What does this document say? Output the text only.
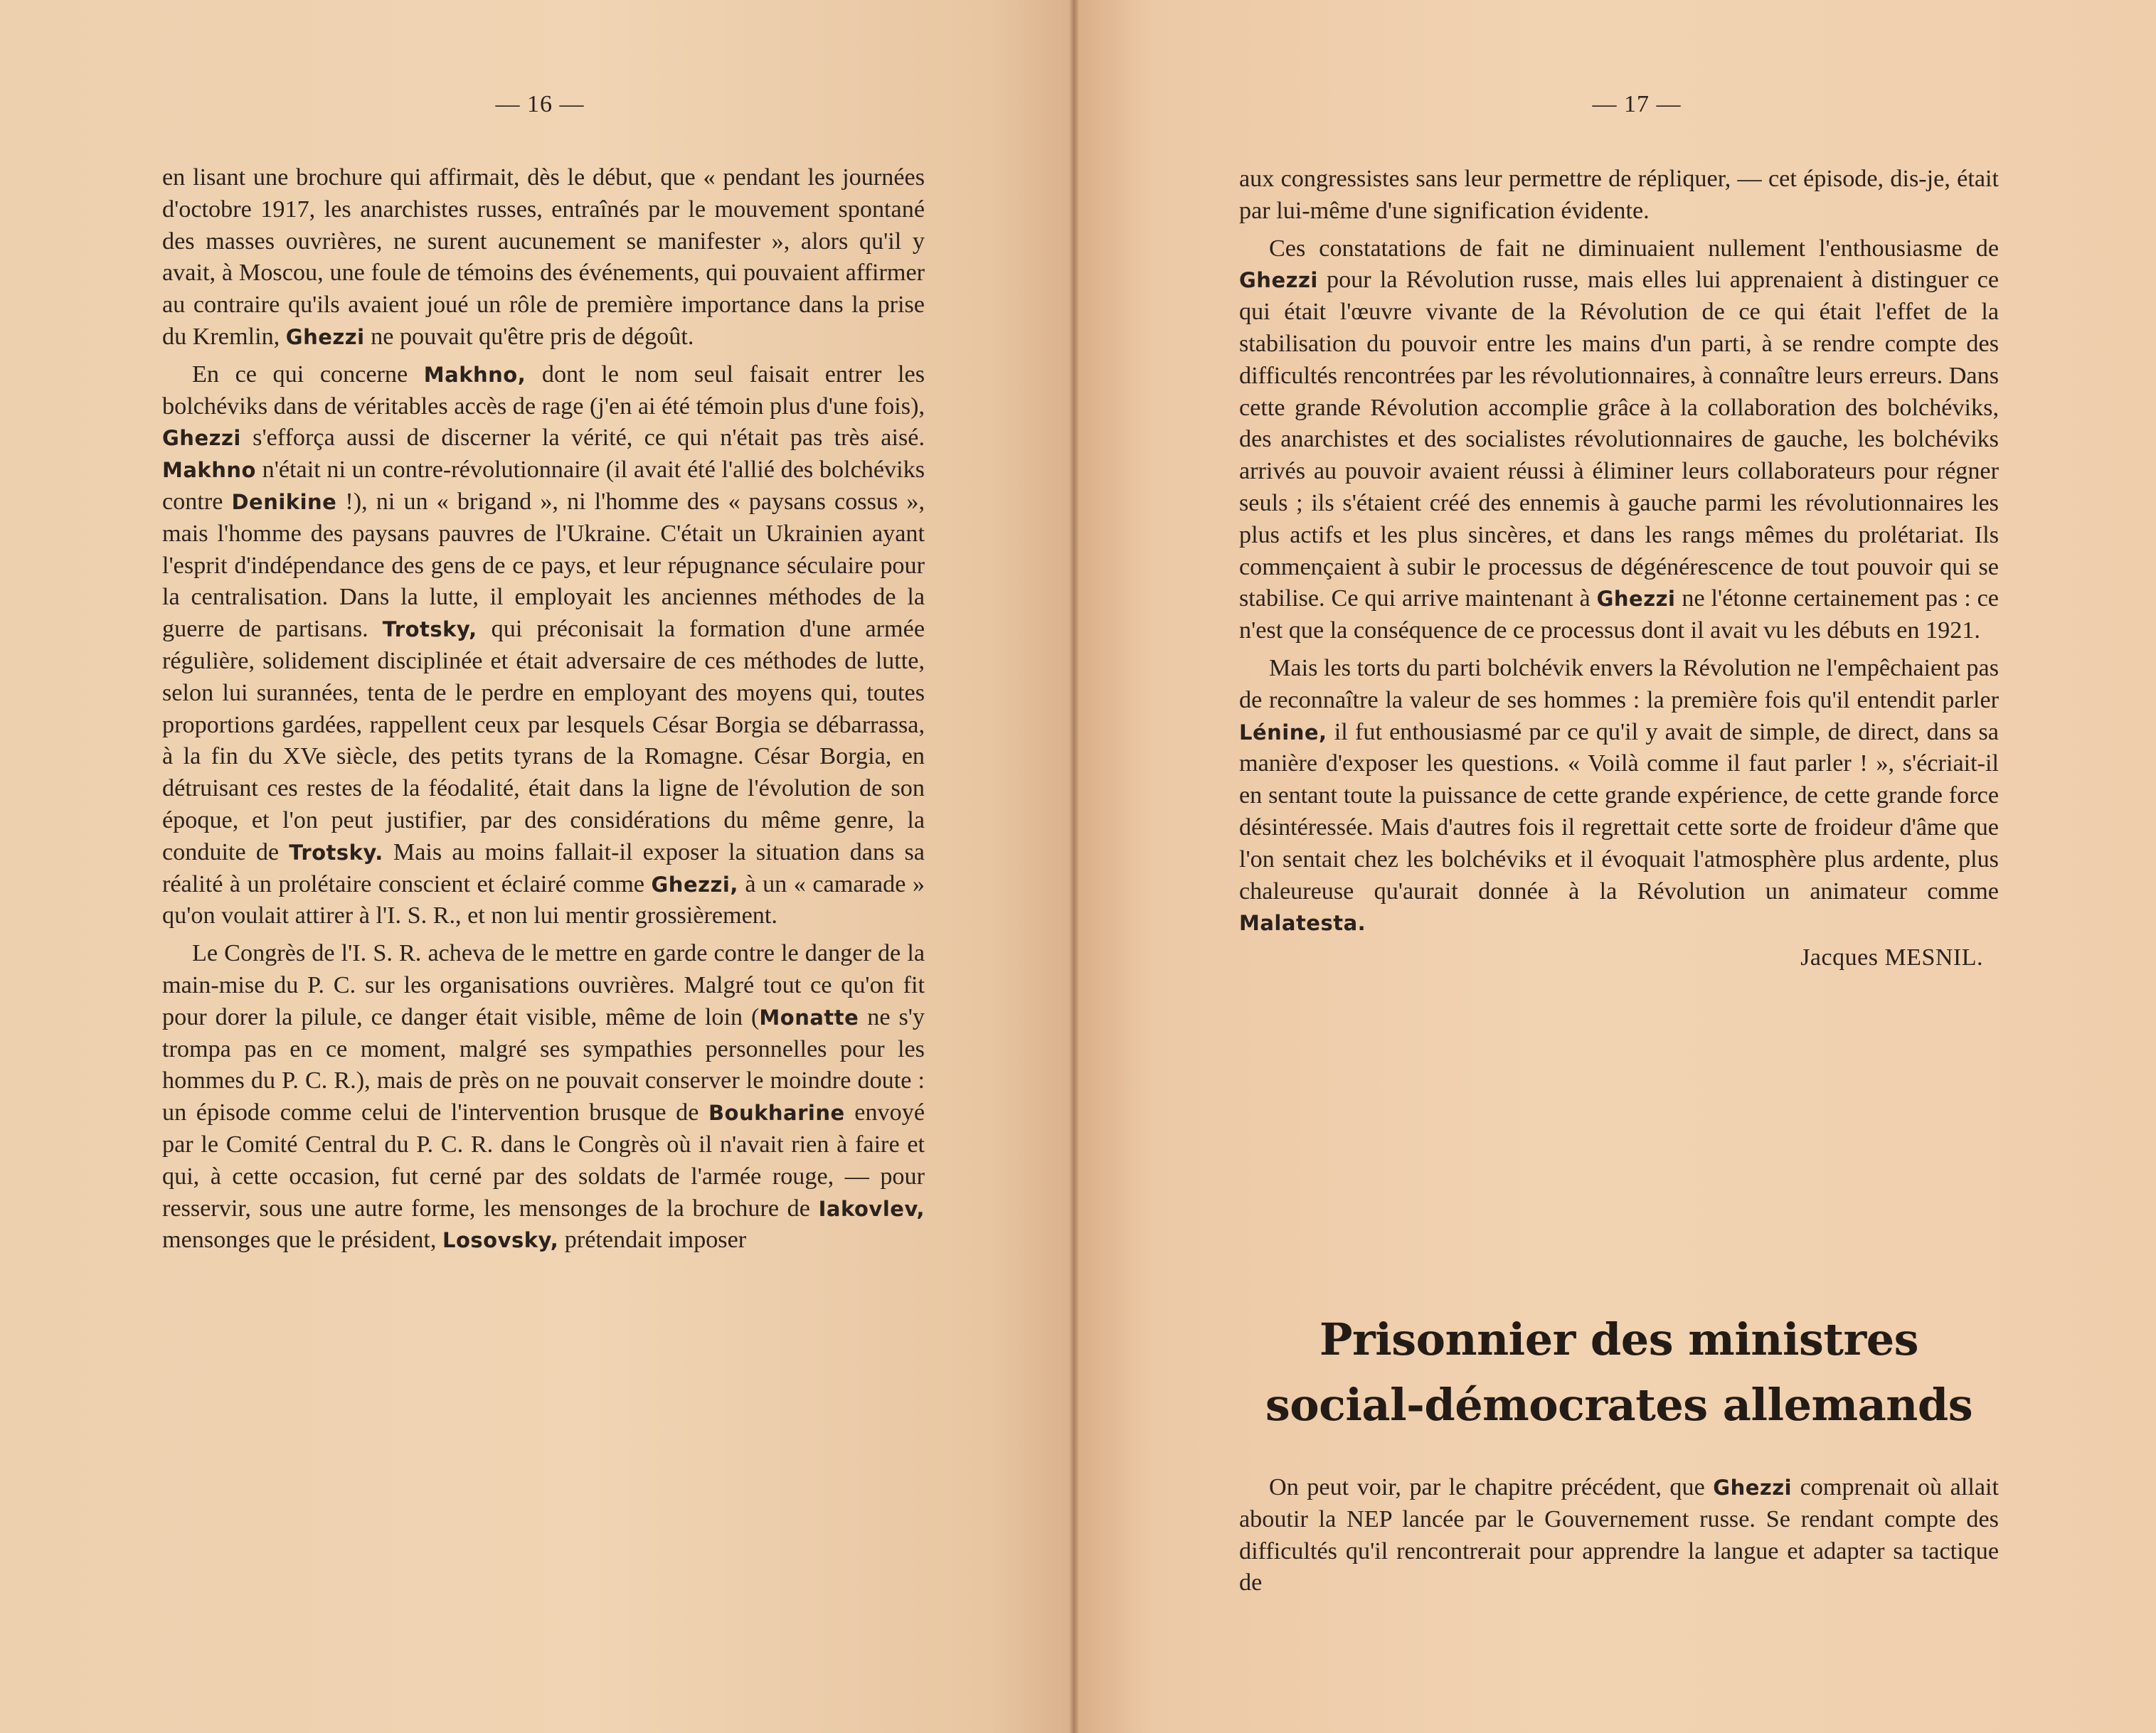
— 16 —

en lisant une brochure qui affirmait, dès le début, que « pendant les journées d'octobre 1917, les anarchistes russes, entraînés par le mouvement spontané des masses ouvrières, ne surent aucunement se manifester », alors qu'il y avait, à Moscou, une foule de témoins des événements, qui pouvaient affirmer au contraire qu'ils avaient joué un rôle de première importance dans la prise du Kremlin, Ghezzi ne pouvait qu'être pris de dégoût.

En ce qui concerne Makhno, dont le nom seul faisait entrer les bolchéviks dans de véritables accès de rage (j'en ai été témoin plus d'une fois), Ghezzi s'efforça aussi de discerner la vérité, ce qui n'était pas très aisé. Makhno n'était ni un contre-révolutionnaire (il avait été l'allié des bolchéviks contre Denikine !), ni un « brigand », ni l'homme des « paysans cossus », mais l'homme des paysans pauvres de l'Ukraine. C'était un Ukrainien ayant l'esprit d'indépendance des gens de ce pays, et leur répugnance séculaire pour la centralisation. Dans la lutte, il employait les anciennes méthodes de la guerre de partisans. Trotsky, qui préconisait la formation d'une armée régulière, solidement disciplinée et était adversaire de ces méthodes de lutte, selon lui surannées, tenta de le perdre en employant des moyens qui, toutes proportions gardées, rappellent ceux par lesquels César Borgia se débarrassa, à la fin du XVe siècle, des petits tyrans de la Romagne. César Borgia, en détruisant ces restes de la féodalité, était dans la ligne de l'évolution de son époque, et l'on peut justifier, par des considérations du même genre, la conduite de Trotsky. Mais au moins fallait-il exposer la situation dans sa réalité à un prolétaire conscient et éclairé comme Ghezzi, à un « camarade » qu'on voulait attirer à l'I. S. R., et non lui mentir grossièrement.

Le Congrès de l'I. S. R. acheva de le mettre en garde contre le danger de la main-mise du P. C. sur les organisations ouvrières. Malgré tout ce qu'on fit pour dorer la pilule, ce danger était visible, même de loin (Monatte ne s'y trompa pas en ce moment, malgré ses sympathies personnelles pour les hommes du P. C. R.), mais de près on ne pouvait conserver le moindre doute : un épisode comme celui de l'intervention brusque de Boukharine envoyé par le Comité Central du P. C. R. dans le Congrès où il n'avait rien à faire et qui, à cette occasion, fut cerné par des soldats de l'armée rouge, — pour resservir, sous une autre forme, les mensonges de la brochure de Iakovlev, mensonges que le président, Losovsky, prétendait imposer

— 17 —

aux congressistes sans leur permettre de répliquer, — cet épisode, dis-je, était par lui-même d'une signification évidente.

Ces constatations de fait ne diminuaient nullement l'enthousiasme de Ghezzi pour la Révolution russe, mais elles lui apprenaient à distinguer ce qui était l'œuvre vivante de la Révolution de ce qui était l'effet de la stabilisation du pouvoir entre les mains d'un parti, à se rendre compte des difficultés rencontrées par les révolutionnaires, à connaître leurs erreurs. Dans cette grande Révolution accomplie grâce à la collaboration des bolchéviks, des anarchistes et des socialistes révolutionnaires de gauche, les bolchéviks arrivés au pouvoir avaient réussi à éliminer leurs collaborateurs pour régner seuls ; ils s'étaient créé des ennemis à gauche parmi les révolutionnaires les plus actifs et les plus sincères, et dans les rangs mêmes du prolétariat. Ils commençaient à subir le processus de dégénérescence de tout pouvoir qui se stabilise. Ce qui arrive maintenant à Ghezzi ne l'étonne certainement pas : ce n'est que la conséquence de ce processus dont il avait vu les débuts en 1921.

Mais les torts du parti bolchévik envers la Révolution ne l'empêchaient pas de reconnaître la valeur de ses hommes : la première fois qu'il entendit parler Lénine, il fut enthousiasmé par ce qu'il y avait de simple, de direct, dans sa manière d'exposer les questions. « Voilà comme il faut parler ! », s'écriait-il en sentant toute la puissance de cette grande expérience, de cette grande force désintéressée. Mais d'autres fois il regrettait cette sorte de froideur d'âme que l'on sentait chez les bolchéviks et il évoquait l'atmosphère plus ardente, plus chaleureuse qu'aurait donnée à la Révolution un animateur comme Malatesta.

Jacques MESNIL.
Prisonnier des ministres
social-démocrates allemands

On peut voir, par le chapitre précédent, que Ghezzi comprenait où allait aboutir la NEP lancée par le Gouvernement russe. Se rendant compte des difficultés qu'il rencontrerait pour apprendre la langue et adapter sa tactique de
